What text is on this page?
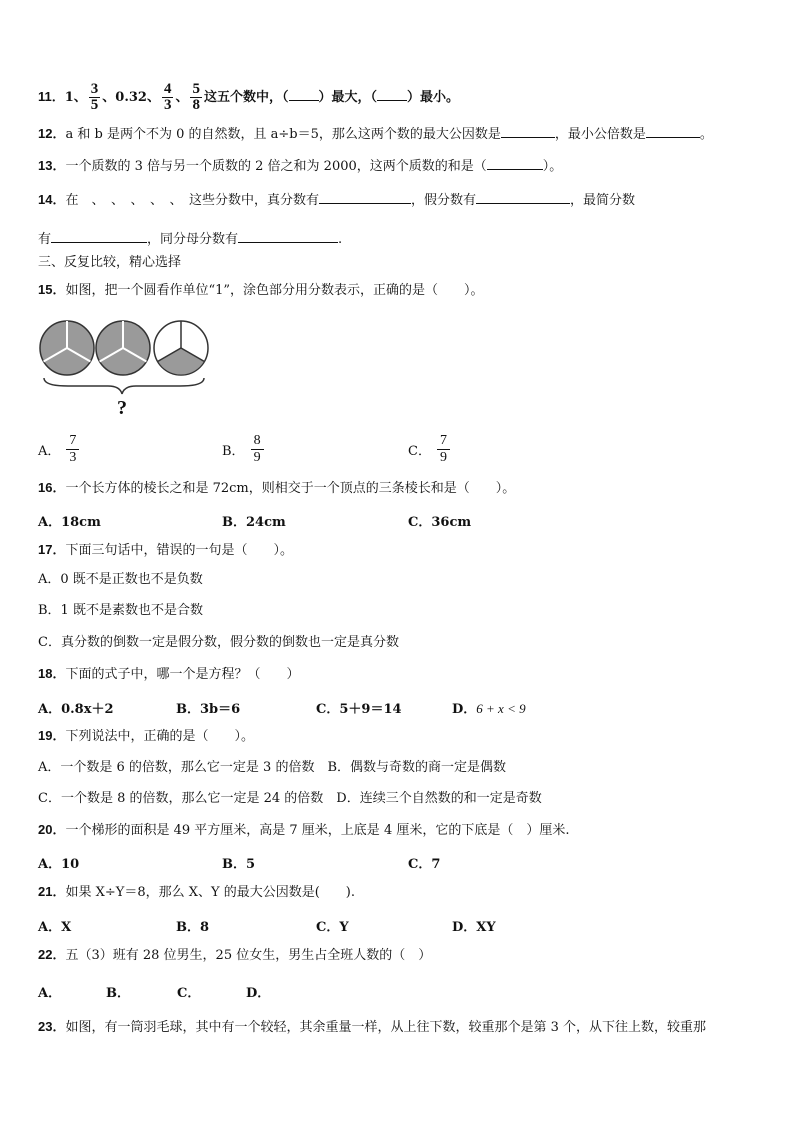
11．1、 $\frac{3}{5}$ 、0.32、 $\frac{4}{3}$ 、 $\frac{5}{8}$ 这五个数中，（ ）最大，（ ）最小。
12．a 和 b 是两个不为 0 的自然数，且 a÷b＝5，那么这两个数的最大公因数是	，最小公倍数是	。
13．一个质数的 3 倍与另一个质数的 2 倍之和为 2000，这两个质数的和是（	）。
14．在　、　、　、　、　、　这些分数中，真分数有	，假分数有	，最简分数
有	，同分母分数有	.
三、反复比较，精心选择
15．如图，把一个圆看作单位“1”，涂色部分用分数表示，正确的是（　　）。
?
A． $\frac{7}{3}$	B． $\frac{8}{9}$	C． $\frac{7}{9}$
16．一个长方体的棱长之和是 72cm，则相交于一个顶点的三条棱长和是（　　）。
A．18cm	B．24cm	C．36cm
17．下面三句话中，错误的一句是（　　）。
A．0 既不是正数也不是负数
B．1 既不是素数也不是合数
C．真分数的倒数一定是假分数，假分数的倒数也一定是真分数
18．下面的式子中，哪一个是方程？（　　）
A．0.8x＋2	B．3b＝6	C．5＋9＝14	D．6 + x < 9
19．下列说法中，正确的是（　　）。
A．一个数是 6 的倍数，那么它一定是 3 的倍数　B．偶数与奇数的商一定是偶数
C．一个数是 8 的倍数，那么它一定是 24 的倍数　D．连续三个自然数的和一定是奇数
20．一个梯形的面积是 49 平方厘米，高是 7 厘米，上底是 4 厘米，它的下底是（　）厘米.
A．10	B．5	C．7
21．如果 X÷Y＝8，那么 X、Y 的最大公因数是(　　).
A．X	B．8	C．Y	D．XY
22．五（3）班有 28 位男生，25 位女生，男生占全班人数的（　）
A．	B．	C．	D．
23．如图，有一筒羽毛球，其中有一个较轻，其余重量一样，从上往下数，较重那个是第 3 个，从下往上数，较重那
